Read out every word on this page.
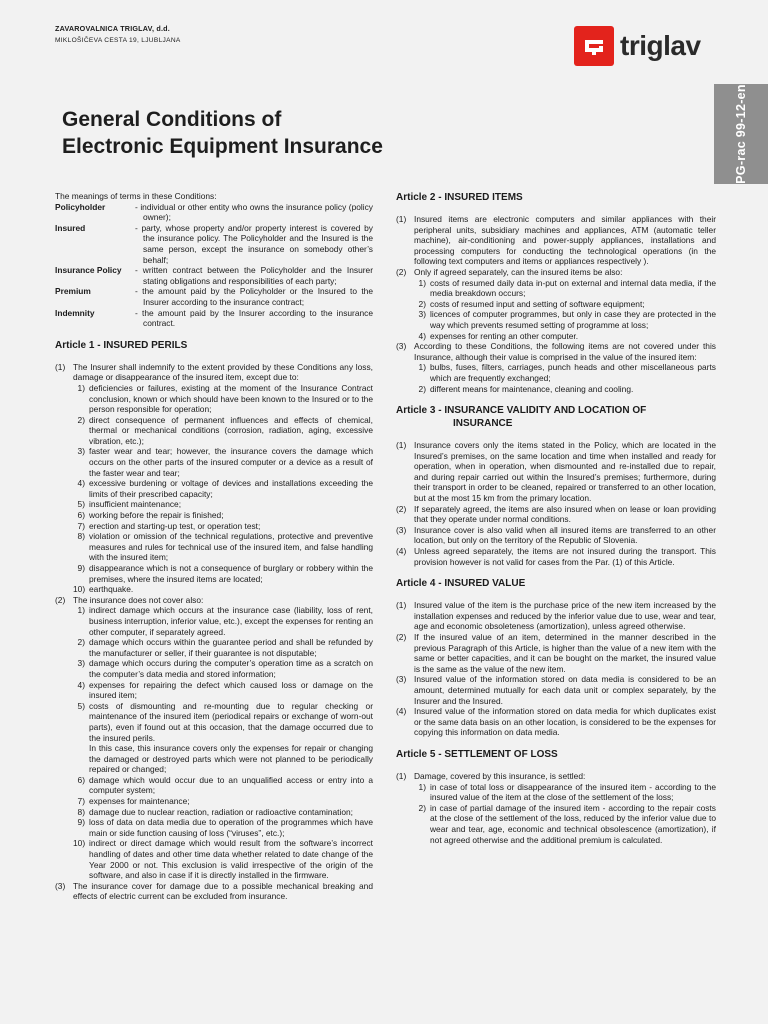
ZAVAROVALNICA TRIGLAV, d.d.
MIKLOŠIČEVA CESTA 19, LJUBLJANA	triglav
PG-rac 99-12-en
General Conditions of
Electronic Equipment Insurance
The meanings of terms in these Conditions:
Policyholder	- individual or other entity who owns the insurance policy (policy owner);
Insured	- party, whose property and/or property interest is covered by the insurance policy. The Policyholder and the Insured is the same person, except the insurance on somebody other’s behalf;
Insurance Policy	- written contract between the Policyholder and the Insurer stating obligations and responsibilities of each party;
Premium	- the amount paid by the Policyholder or the Insured to the Insurer according to the insurance contract;
Indemnity	- the amount paid by the Insurer according to the insurance contract.
Article 1 - INSURED PERILS
(1) The Insurer shall indemnify to the extent provided by these Conditions any loss, damage or disappearance of the insured item, except due to:
1) deficiencies or failures, existing at the moment of the Insurance Contract conclusion, known or which should have been known to the Insured or to the person responsible for operation;
2) direct consequence of permanent influences and effects of chemical, thermal or mechanical conditions (corrosion, radiation, aging, excessive vibration, etc.);
3) faster wear and tear; however, the insurance covers the damage which occurs on the other parts of the insured computer or a device as a result of the faster wear and tear;
4) excessive burdening or voltage of devices and installations exceeding the limits of their prescribed capacity;
5) insufficient maintenance;
6) working before the repair is finished;
7) erection and starting-up test, or operation test;
8) violation or omission of the technical regulations, protective and preventive measures and rules for technical use of the insured item, and false handling with the insured item;
9) disappearance which is not a consequence of burglary or robbery within the premises, where the insured items are located;
10) earthquake.
(2) The insurance does not cover also:
1) indirect damage which occurs at the insurance case (liability, loss of rent, business interruption, inferior value, etc.), except the expenses for renting an other computer, if separately agreed.
2) damage which occurs within the guarantee period and shall be refunded by the manufacturer or seller, if their guarantee is not disputable;
3) damage which occurs during the computer’s operation time as a scratch on the computer’s data media and stored information;
4) expenses for repairing the defect which caused loss or damage on the insured item;
5) costs of dismounting and re-mounting due to regular checking or maintenance of the insured item (periodical repairs or exchange of worn-out parts), even if found out at this occasion, that the damage occurred due to the insured perils.
In this case, this insurance covers only the expenses for repair or changing the damaged or destroyed parts which were not planned to be periodically repaired or changed;
6) damage which would occur due to an unqualified access or entry into a computer system;
7) expenses for maintenance;
8) damage due to nuclear reaction, radiation or radioactive contamination;
9) loss of data on data media due to operation of the programmes which have main or side function causing of loss (“viruses”, etc.);
10) indirect or direct damage which would result from the software’s incorrect handling of dates and other time data whether related to date change of the Year 2000 or not. This exclusion is valid irrespective of the origin of the software, and also in case if it is directly installed in the firmware.
(3) The insurance cover for damage due to a possible mechanical breaking and effects of electric current can be excluded from insurance.
Article 2 - INSURED ITEMS
(1) Insured items are electronic computers and similar appliances with their peripheral units, subsidiary machines and appliances, ATM (automatic teller machine), air-conditioning and power-supply appliances, installations and processing computers for conducting the technological operations (in the following text computers and items or appliances respectively ).
(2) Only if agreed separately, can the insured items be also:
1) costs of resumed daily data in-put on external and internal data media, if the media breakdown occurs;
2) costs of resumed input and setting of software equipment;
3) licences of computer programmes, but only in case they are protected in the way which prevents resumed setting of programme at loss;
4) expenses for renting an other computer.
(3) According to these Conditions, the following items are not covered under this Insurance, although their value is comprised in the value of the insured item:
1) bulbs, fuses, filters, carriages, punch heads and other miscellaneous parts which are frequently exchanged;
2) different means for maintenance, cleaning and cooling.
Article 3 - INSURANCE VALIDITY AND LOCATION OF
INSURANCE
(1) Insurance covers only the items stated in the Policy, which are located in the Insured’s premises, on the same location and time when installed and ready for operation, when in operation, when dismounted and re-installed due to repair, and during repair carried out within the Insured’s premises; furthermore, during their transport in order to be cleaned, repaired or transferred to an other location, but at the most 15 km from the primary location.
(2) If separately agreed, the items are also insured when on lease or loan providing that they operate under normal conditions.
(3) Insurance cover is also valid when all insured items are transferred to an other location, but only on the territory of the Republic of Slovenia.
(4) Unless agreed separately, the items are not insured during the transport. This provision however is not valid for cases from the Par. (1) of this Article.
Article 4 - INSURED VALUE
(1) Insured value of the item is the purchase price of the new item increased by the installation expenses and reduced by the inferior value due to use, wear and tear, age and economic obsoleteness (amortization), unless agreed otherwise.
(2) If the insured value of an item, determined in the manner described in the previous Paragraph of this Article, is higher than the value of a new item with the same or better capacities, and it can be bought on the market, the insured value is the same as the value of the new item.
(3) Insured value of the information stored on data media is considered to be an amount, determined mutually for each data unit or complex separately, by the Insurer and the Insured.
(4) Insured value of the information stored on data media for which duplicates exist or the same data basis on an other location, is considered to be the expenses for copying this information on data media.
Article 5 - SETTLEMENT OF LOSS
(1) Damage, covered by this insurance, is settled:
1) in case of total loss or disappearance of the insured item - according to the insured value of the item at the close of the settlement of the loss;
2) in case of partial damage of the insured item - according to the repair costs at the close of the settlement of the loss, reduced by the inferior value due to wear and tear, age, economic and technical obsolescence (amortization), if not agreed otherwise and the additional premium is calculated.
